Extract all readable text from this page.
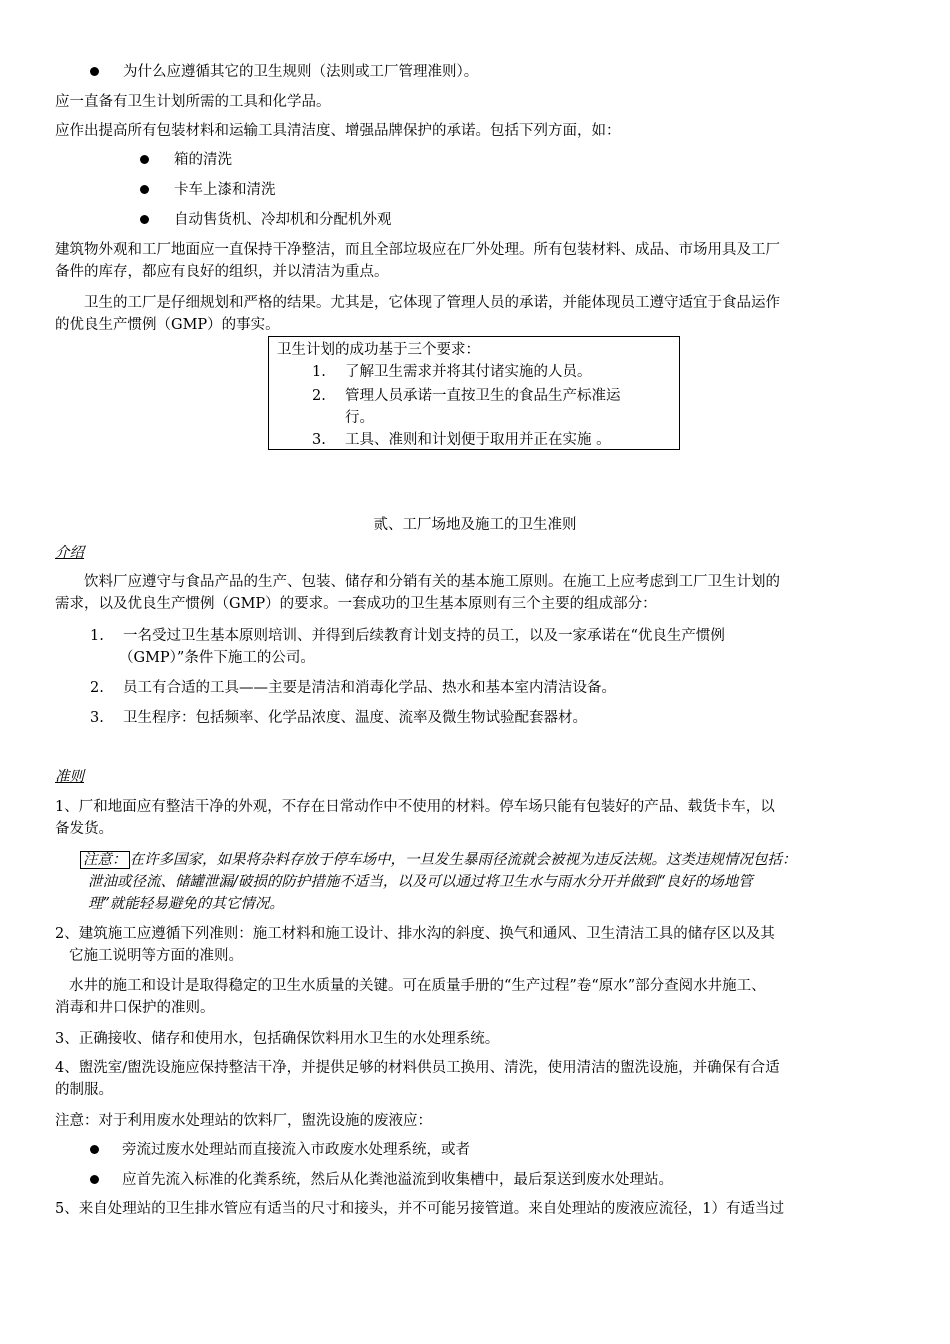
为什么应遵循其它的卫生规则（法则或工厂管理准则）。
应一直备有卫生计划所需的工具和化学品。
应作出提高所有包装材料和运输工具清洁度、增强品牌保护的承诺。包括下列方面，如：
箱的清洗
卡车上漆和清洗
自动售货机、冷却机和分配机外观
建筑物外观和工厂地面应一直保持干净整洁，而且全部垃圾应在厂外处理。所有包装材料、成品、市场用具及工厂
备件的库存，都应有良好的组织，并以清洁为重点。
卫生的工厂是仔细规划和严格的结果。尤其是，它体现了管理人员的承诺，并能体现员工遵守适宜于食品运作
的优良生产惯例（GMP）的事实。
卫生计划的成功基于三个要求：
1. 了解卫生需求并将其付诸实施的人员。
2. 管理人员承诺一直按卫生的食品生产标准运
行。
3. 工具、准则和计划便于取用并正在实施 。
贰、工厂场地及施工的卫生准则
介绍
饮料厂应遵守与食品产品的生产、包装、储存和分销有关的基本施工原则。在施工上应考虑到工厂卫生计划的
需求，以及优良生产惯例（GMP）的要求。一套成功的卫生基本原则有三个主要的组成部分：
1. 一名受过卫生基本原则培训、并得到后续教育计划支持的员工，以及一家承诺在“优良生产惯例
（GMP）”条件下施工的公司。
2. 员工有合适的工具——主要是清洁和消毒化学品、热水和基本室内清洁设备。
3. 卫生程序：包括频率、化学品浓度、温度、流率及微生物试验配套器材。
准则
1、厂和地面应有整洁干净的外观，不存在日常动作中不使用的材料。停车场只能有包装好的产品、载货卡车，以
备发货。
注意： 在许多国家，如果将杂料存放于停车场中，一旦发生暴雨径流就会被视为违反法规。这类违规情况包括：
泄油或径流、储罐泄漏/破损的防护措施不适当，以及可以通过将卫生水与雨水分开并做到“良好的场地管
理”就能轻易避免的其它情况。
2、建筑施工应遵循下列准则：施工材料和施工设计、排水沟的斜度、换气和通风、卫生清洁工具的储存区以及其
它施工说明等方面的准则。
水井的施工和设计是取得稳定的卫生水质量的关键。可在质量手册的“生产过程”卷“原水”部分查阅水井施工、
消毒和井口保护的准则。
3、正确接收、储存和使用水，包括确保饮料用水卫生的水处理系统。
4、盥洗室/盥洗设施应保持整洁干净，并提供足够的材料供员工换用、清洗，使用清洁的盥洗设施，并确保有合适
的制服。
注意：对于利用废水处理站的饮料厂，盥洗设施的废液应：
旁流过废水处理站而直接流入市政废水处理系统，或者
应首先流入标准的化粪系统，然后从化粪池溢流到收集槽中，最后泵送到废水处理站。
5、来自处理站的卫生排水管应有适当的尺寸和接头，并不可能另接管道。来自处理站的废液应流径，1）有适当过
